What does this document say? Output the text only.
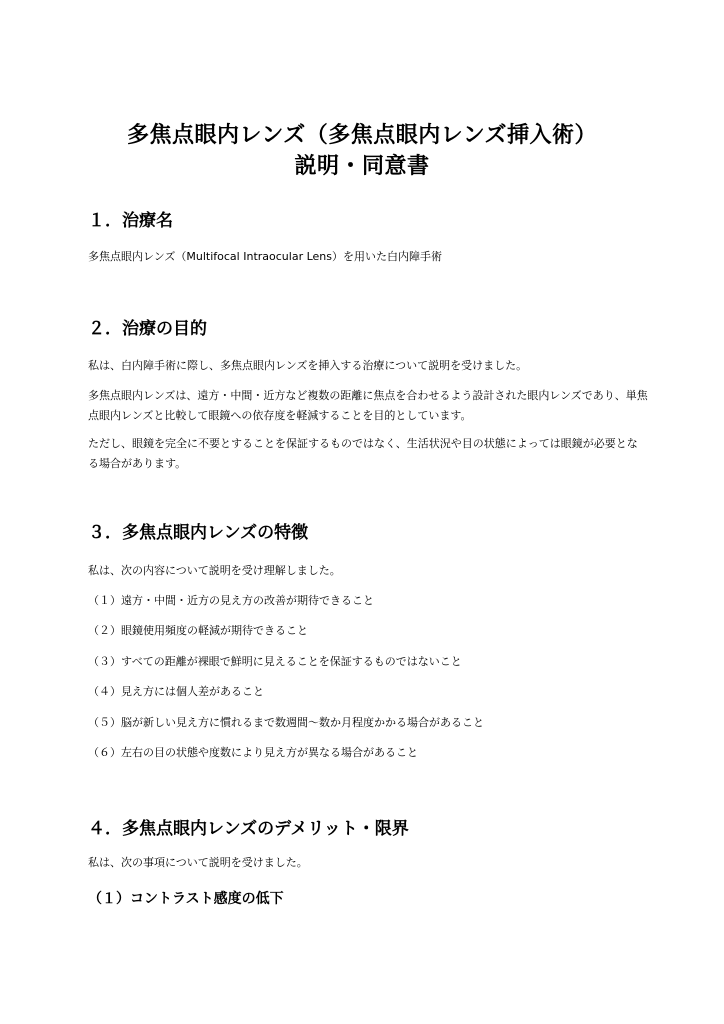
多焦点眼内レンズ（多焦点眼内レンズ挿入術）
説明・同意書
１．治療名
多焦点眼内レンズ（Multifocal Intraocular Lens）を用いた白内障手術
２．治療の目的
私は、白内障手術に際し、多焦点眼内レンズを挿入する治療について説明を受けました。
多焦点眼内レンズは、遠方・中間・近方など複数の距離に焦点を合わせるよう設計された眼内レンズであり、単焦点眼内レンズと比較して眼鏡への依存度を軽減することを目的としています。
ただし、眼鏡を完全に不要とすることを保証するものではなく、生活状況や目の状態によっては眼鏡が必要となる場合があります。
３．多焦点眼内レンズの特徴
私は、次の内容について説明を受け理解しました。
（１）遠方・中間・近方の見え方の改善が期待できること
（２）眼鏡使用頻度の軽減が期待できること
（３）すべての距離が裸眼で鮮明に見えることを保証するものではないこと
（４）見え方には個人差があること
（５）脳が新しい見え方に慣れるまで数週間～数か月程度かかる場合があること
（６）左右の目の状態や度数により見え方が異なる場合があること
４．多焦点眼内レンズのデメリット・限界
私は、次の事項について説明を受けました。
（１）コントラスト感度の低下
